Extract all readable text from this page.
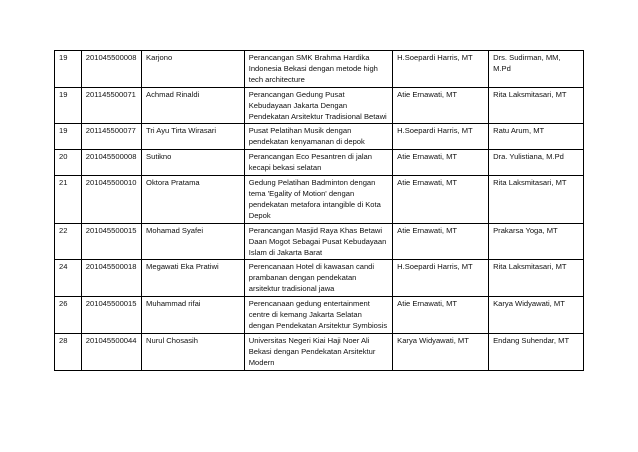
19	201045500008	Karjono	Perancangan SMK Brahma Hardika Indonesia Bekasi dengan metode high tech architecture	H.Soepardi Harris, MT	Drs. Sudirman, MM, M.Pd
19	201145500071	Achmad Rinaldi	Perancangan Gedung Pusat Kebudayaan Jakarta Dengan Pendekatan Arsitektur Tradisional Betawi	Atie Ernawati, MT	Rita Laksmitasari, MT
19	201145500077	Tri Ayu Tirta Wirasari	Pusat Pelatihan Musik dengan pendekatan kenyamanan di depok	H.Soepardi Harris, MT	Ratu Arum, MT
20	201045500008	Sutikno	Perancangan Eco Pesantren di jalan kecapi bekasi selatan	Atie Ernawati, MT	Dra. Yulistiana, M.Pd
21	201045500010	Oktora Pratama	Gedung Pelatihan Badminton dengan tema 'Egality of Motion' dengan pendekatan metafora intangible di Kota Depok	Atie Ernawati, MT	Rita Laksmitasari, MT
22	201045500015	Mohamad Syafei	Perancangan Masjid Raya Khas Betawi Daan Mogot Sebagai Pusat Kebudayaan Islam di Jakarta Barat	Atie Ernawati, MT	Prakarsa Yoga, MT
24	201045500018	Megawati Eka Pratiwi	Perencanaan Hotel di kawasan candi prambanan dengan pendekatan arsitektur tradisional jawa	H.Soepardi Harris, MT	Rita Laksmitasari, MT
26	201045500015	Muhammad rifai	Perencanaan gedung entertainment centre di kemang Jakarta Selatan dengan Pendekatan Arsitektur Symbiosis	Atie Ernawati, MT	Karya Widyawati, MT
28	201045500044	Nurul Chosasih	Universitas Negeri Kiai Haji Noer Ali Bekasi dengan Pendekatan Arsitektur Modern	Karya Widyawati, MT	Endang Suhendar, MT
